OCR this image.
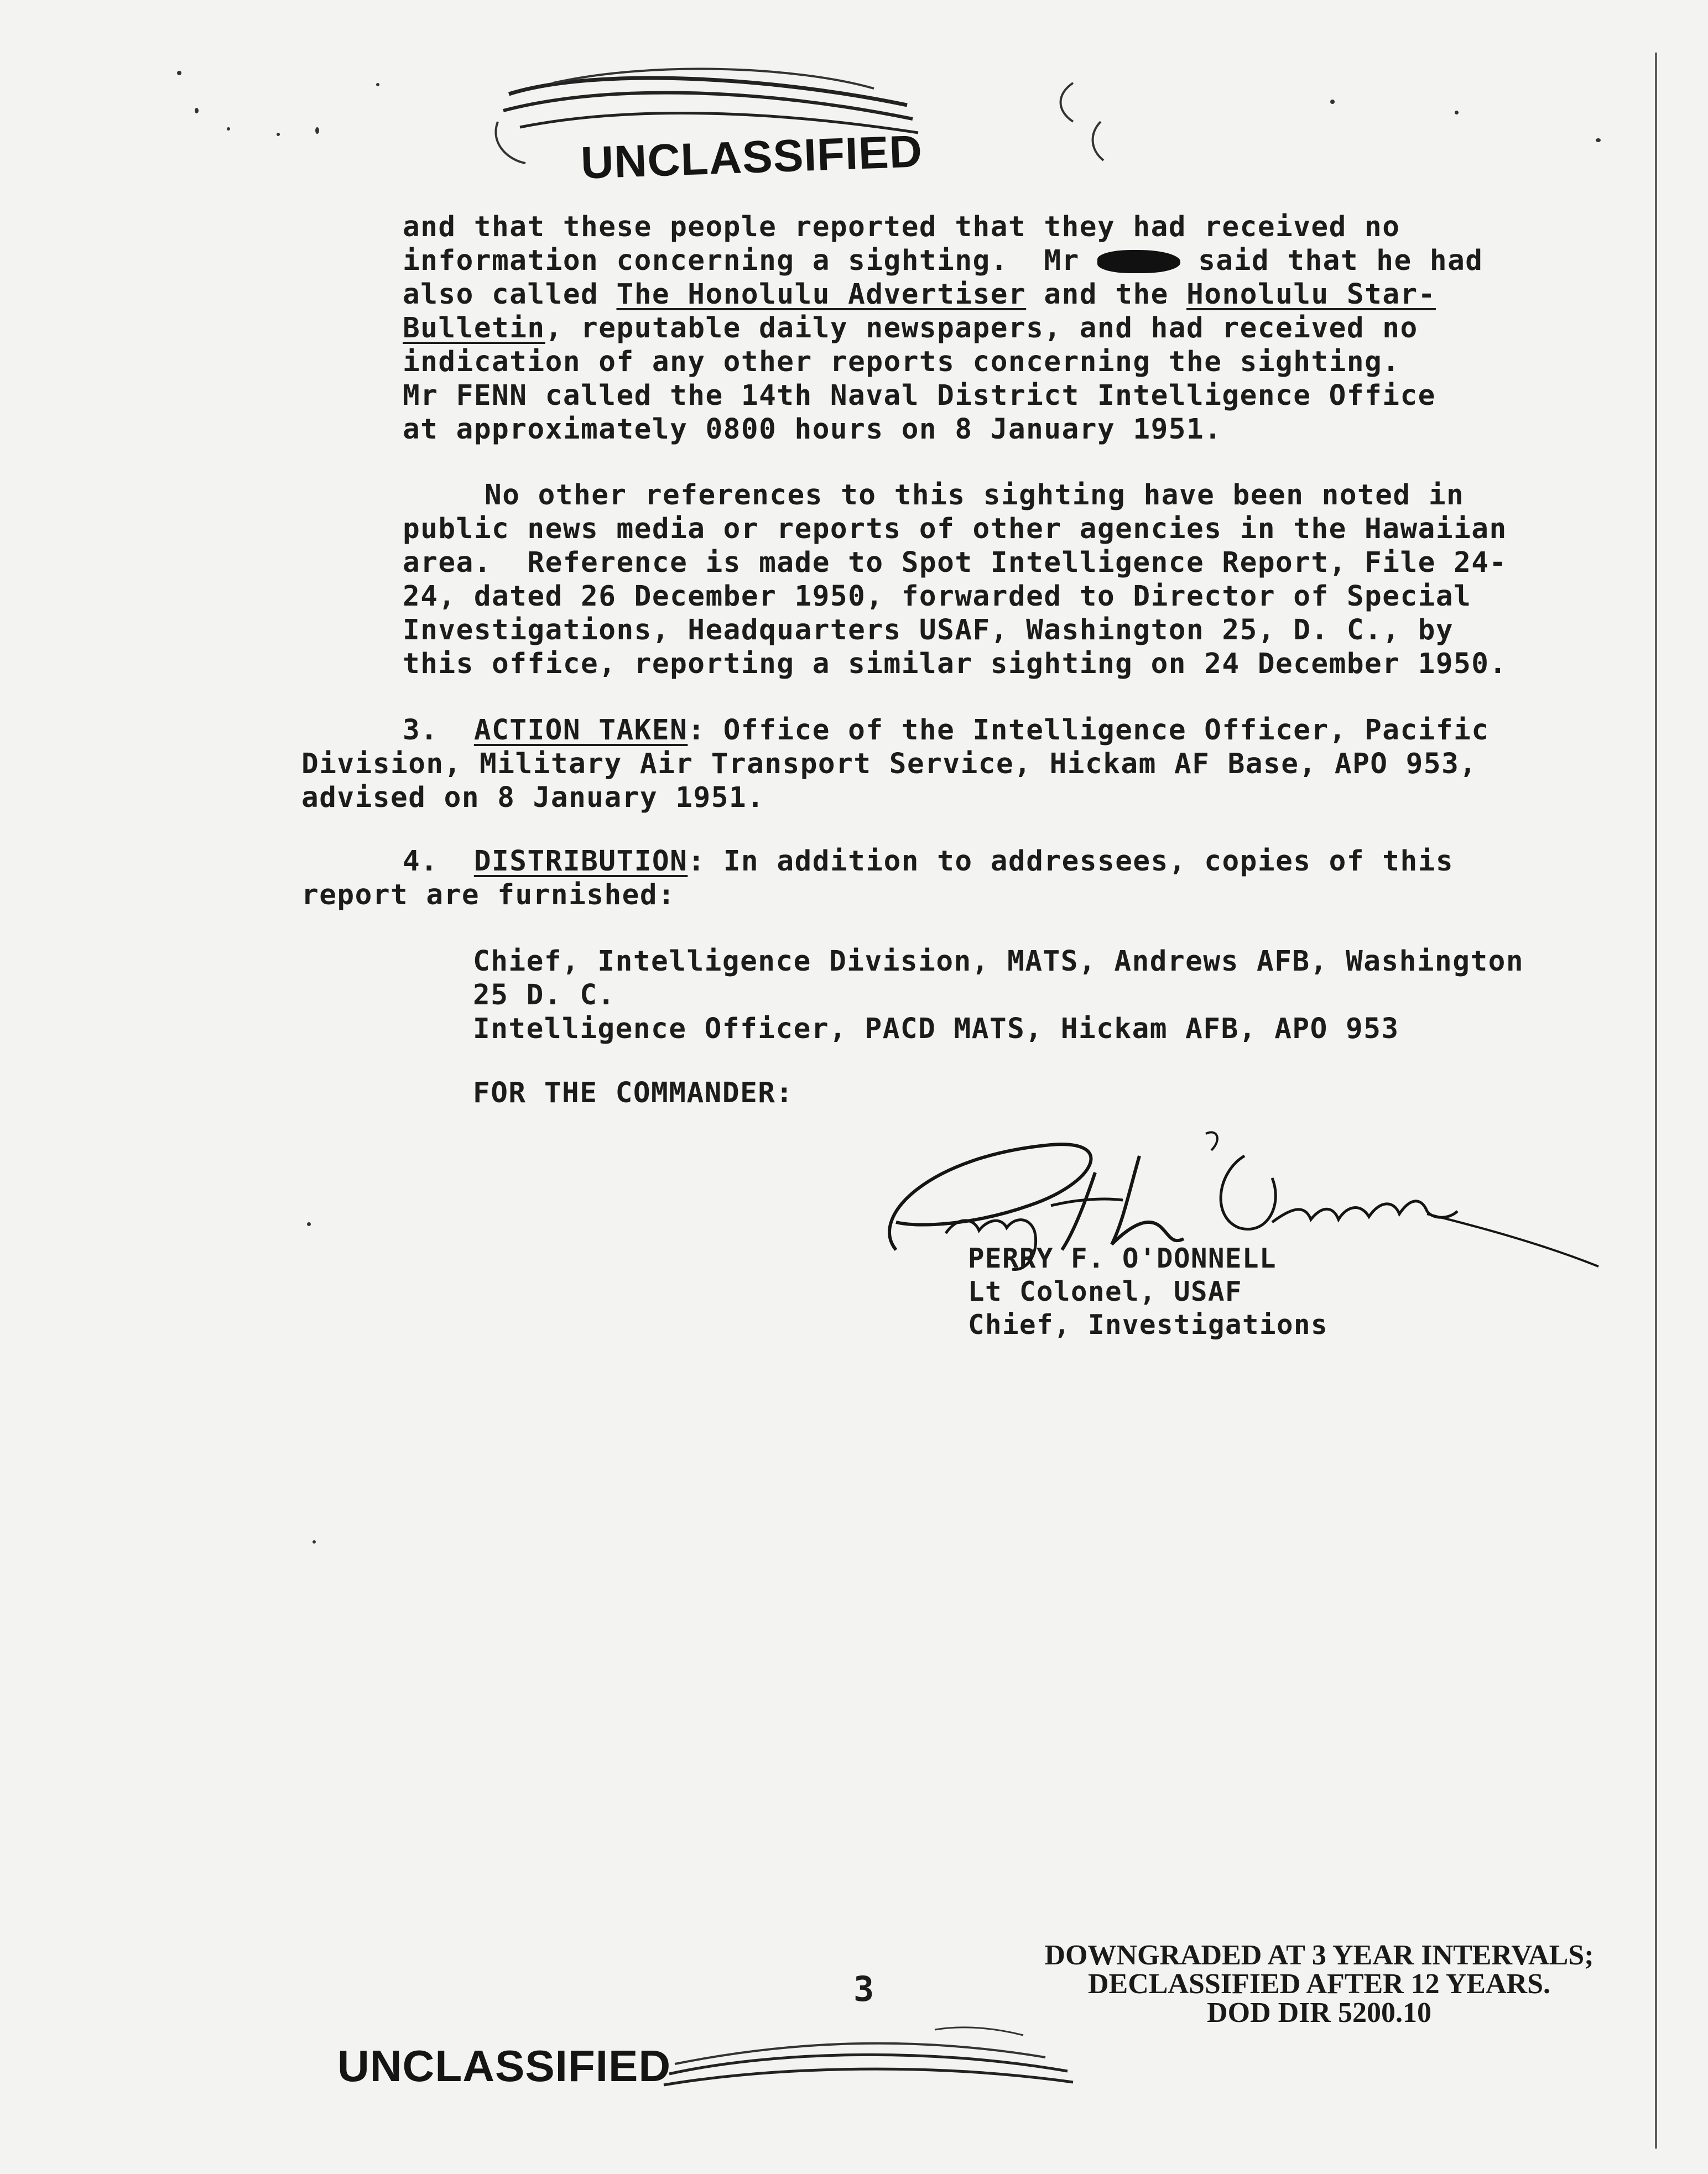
UNCLASSIFIED
and that these people reported that they had received no
information concerning a sighting.  Mr	said that he had
also called The Honolulu Advertiser and the Honolulu Star-
Bulletin, reputable daily newspapers, and had received no
indication of any other reports concerning the sighting.
Mr FENN called the 14th Naval District Intelligence Office
at approximately 0800 hours on 8 January 1951.
No other references to this sighting have been noted in
public news media or reports of other agencies in the Hawaiian
area.  Reference is made to Spot Intelligence Report, File 24-
24, dated 26 December 1950, forwarded to Director of Special
Investigations, Headquarters USAF, Washington 25, D. C., by
this office, reporting a similar sighting on 24 December 1950.
3. ACTION TAKEN: Office of the Intelligence Officer, Pacific
Division, Military Air Transport Service, Hickam AF Base, APO 953,
advised on 8 January 1951.
4. DISTRIBUTION: In addition to addressees, copies of this
report are furnished:
Chief, Intelligence Division, MATS, Andrews AFB, Washington
25 D. C.
Intelligence Officer, PACD MATS, Hickam AFB, APO 953
FOR THE COMMANDER:
PERRY F. O'DONNELL
Lt Colonel, USAF
Chief, Investigations
DOWNGRADED AT 3 YEAR INTERVALS;
DECLASSIFIED AFTER 12 YEARS.
DOD DIR 5200.10
3
UNCLASSIFIED
